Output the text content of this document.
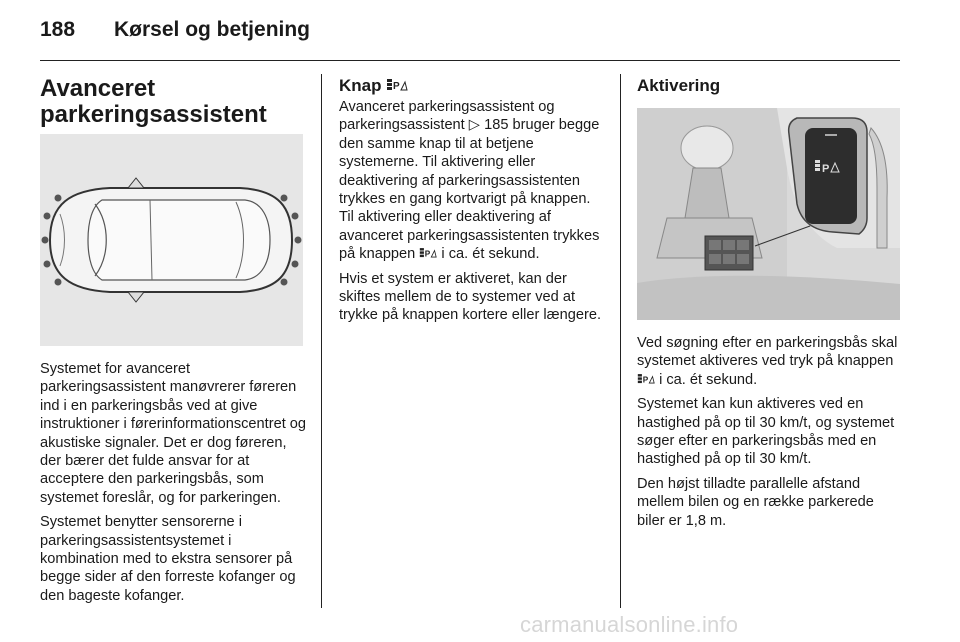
188 Kørsel og betjening
Avanceret parkeringsassistent

Systemet for avanceret parkeringsassistent manøvrerer føreren ind i en parkeringsbås ved at give instruktioner i førerinformationscentret og akustiske signaler. Det er dog føreren, der bærer det fulde ansvar for at acceptere den parkeringsbås, som systemet foreslår, og for parkeringen.

Systemet benytter sensorerne i parkeringsassistentsystemet i kombination med to ekstra sensorer på begge sider af den forreste kofanger og den bageste kofanger.

Knap P

Avanceret parkeringsassistent og parkeringsassistent ▷ 185 bruger begge den samme knap til at betjene systemerne. Til aktivering eller deaktivering af parkeringsassistenten trykkes en gang kortvarigt på knappen. Til aktivering eller deaktivering af avanceret parkeringsassistenten trykkes på knappen P i ca. ét sekund.

Hvis et system er aktiveret, kan der skiftes mellem de to systemer ved at trykke på knappen kortere eller længere.

Aktivering
P

Ved søgning efter en parkeringsbås skal systemet aktiveres ved tryk på knappen
P i ca. ét sekund.

Systemet kan kun aktiveres ved en hastighed på op til 30 km/t, og systemet søger efter en parkeringsbås med en hastighed på op til 30 km/t.

Den højst tilladte parallelle afstand mellem bilen og en række parkerede biler er 1,8 m.

carmanualsonline.info
